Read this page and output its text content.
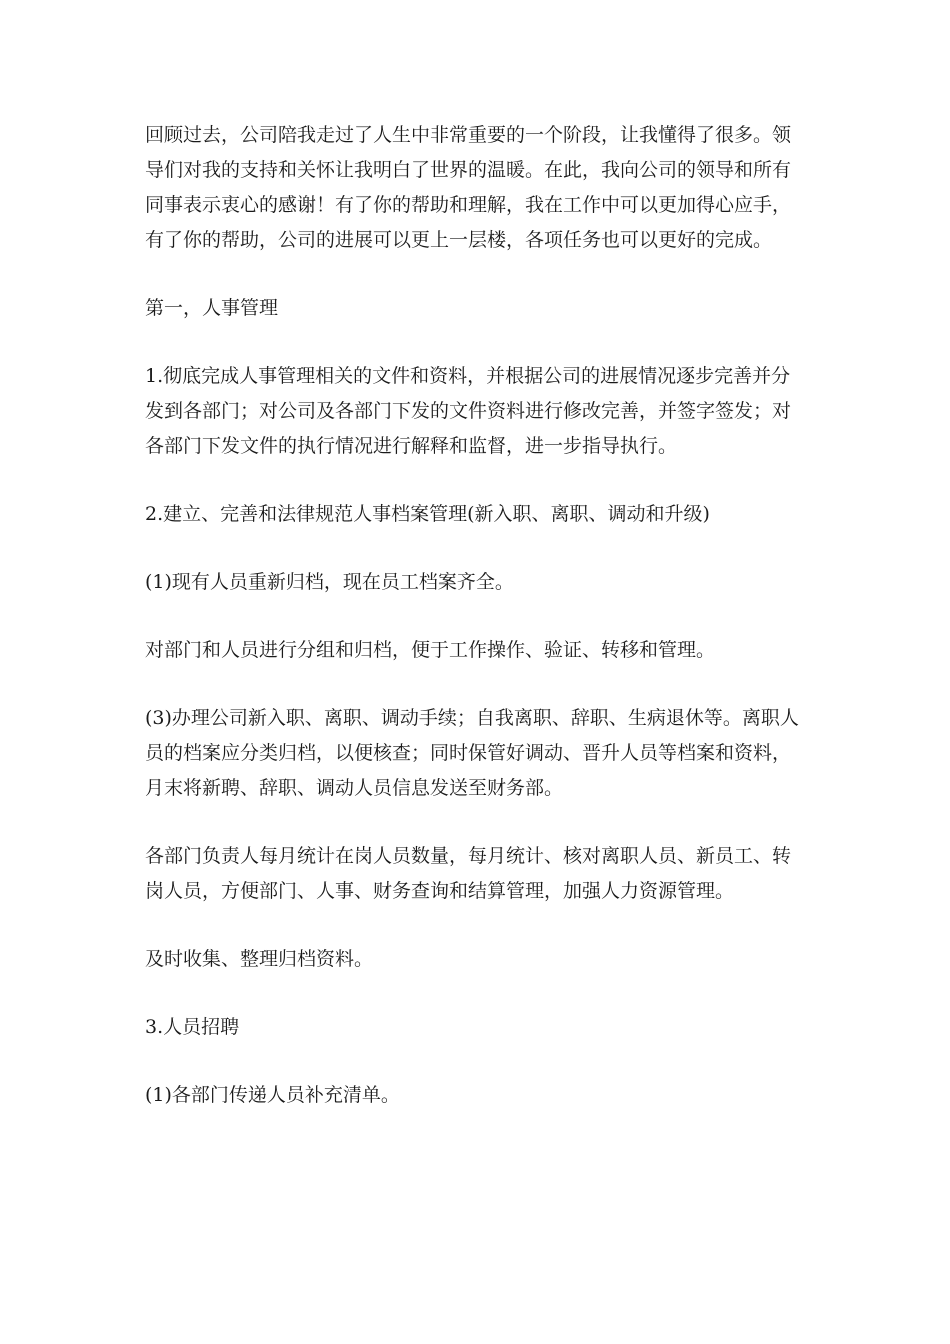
回顾过去，公司陪我走过了人生中非常重要的一个阶段，让我懂得了很多。领
导们对我的支持和关怀让我明白了世界的温暖。在此，我向公司的领导和所有
同事表示衷心的感谢！有了你的帮助和理解，我在工作中可以更加得心应手，
有了你的帮助，公司的进展可以更上一层楼，各项任务也可以更好的完成。

第一，人事管理

1.彻底完成人事管理相关的文件和资料，并根据公司的进展情况逐步完善并分
发到各部门；对公司及各部门下发的文件资料进行修改完善，并签字签发；对
各部门下发文件的执行情况进行解释和监督，进一步指导执行。

2.建立、完善和法律规范人事档案管理(新入职、离职、调动和升级)

(1)现有人员重新归档，现在员工档案齐全。

对部门和人员进行分组和归档，便于工作操作、验证、转移和管理。

(3)办理公司新入职、离职、调动手续；自我离职、辞职、生病退休等。离职人
员的档案应分类归档，以便核查；同时保管好调动、晋升人员等档案和资料，
月末将新聘、辞职、调动人员信息发送至财务部。

各部门负责人每月统计在岗人员数量，每月统计、核对离职人员、新员工、转
岗人员，方便部门、人事、财务查询和结算管理，加强人力资源管理。

及时收集、整理归档资料。

3.人员招聘

(1)各部门传递人员补充清单。
